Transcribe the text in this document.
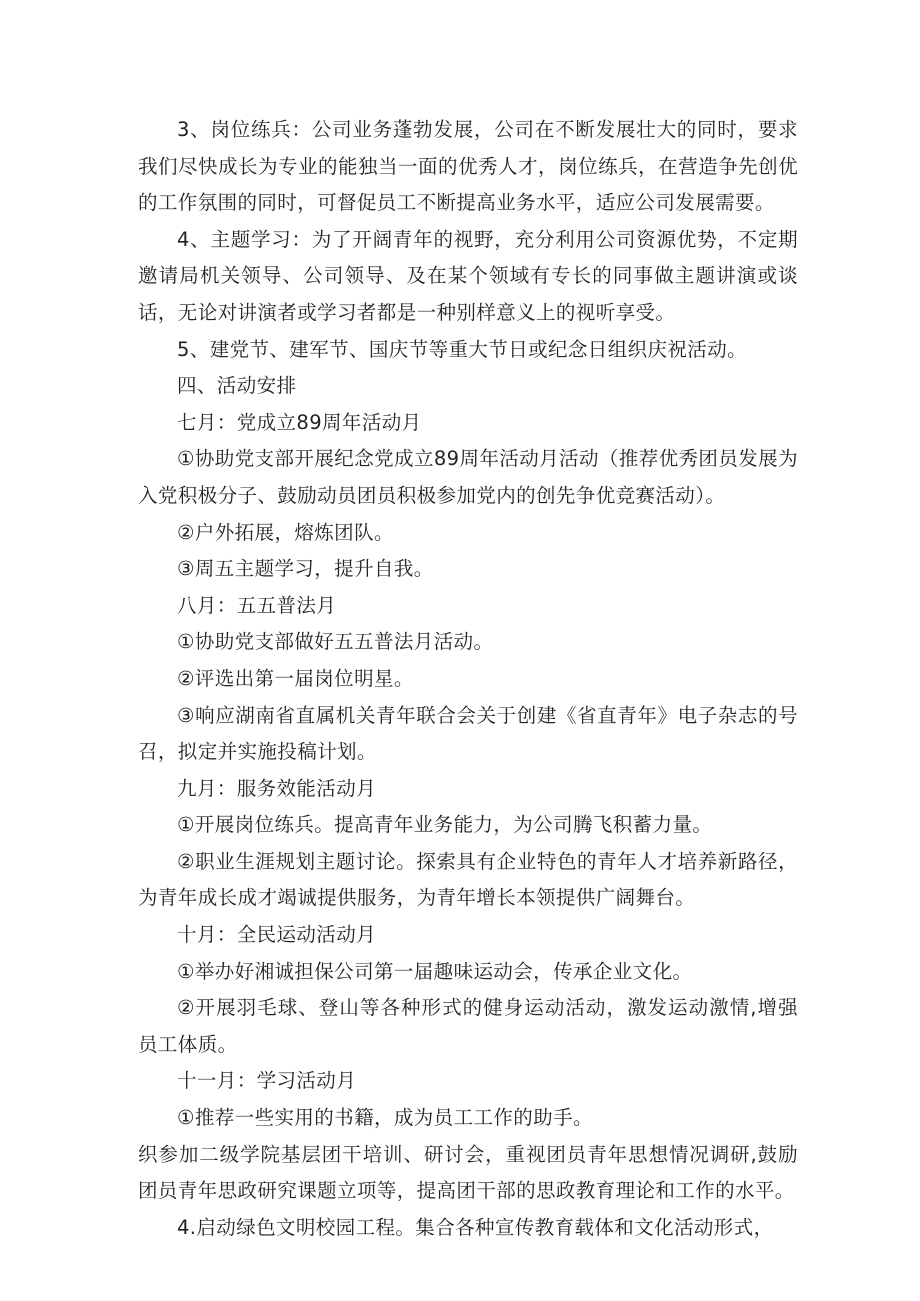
3、岗位练兵：公司业务蓬勃发展，公司在不断发展壮大的同时，要求我们尽快成长为专业的能独当一面的优秀人才，岗位练兵，在营造争先创优的工作氛围的同时，可督促员工不断提高业务水平，适应公司发展需要。

4、主题学习：为了开阔青年的视野，充分利用公司资源优势，不定期邀请局机关领导、公司领导、及在某个领域有专长的同事做主题讲演或谈话，无论对讲演者或学习者都是一种别样意义上的视听享受。

5、建党节、建军节、国庆节等重大节日或纪念日组织庆祝活动。

四、活动安排

七月：党成立89周年活动月

①协助党支部开展纪念党成立89周年活动月活动（推荐优秀团员发展为入党积极分子、鼓励动员团员积极参加党内的创先争优竞赛活动）。

②户外拓展，熔炼团队。

③周五主题学习，提升自我。

八月：五五普法月

①协助党支部做好五五普法月活动。

②评选出第一届岗位明星。

③响应湖南省直属机关青年联合会关于创建《省直青年》电子杂志的号召，拟定并实施投稿计划。

九月：服务效能活动月

①开展岗位练兵。提高青年业务能力，为公司腾飞积蓄力量。

②职业生涯规划主题讨论。探索具有企业特色的青年人才培养新路径，为青年成长成才竭诚提供服务，为青年增长本领提供广阔舞台。

十月：全民运动活动月

①举办好湘诚担保公司第一届趣味运动会，传承企业文化。

②开展羽毛球、登山等各种形式的健身运动活动，激发运动激情,增强员工体质。

十一月：学习活动月

①推荐一些实用的书籍，成为员工工作的助手。

织参加二级学院基层团干培训、研讨会，重视团员青年思想情况调研,鼓励团员青年思政研究课题立项等，提高团干部的思政教育理论和工作的水平。

4.启动绿色文明校园工程。集合各种宣传教育载体和文化活动形式，
